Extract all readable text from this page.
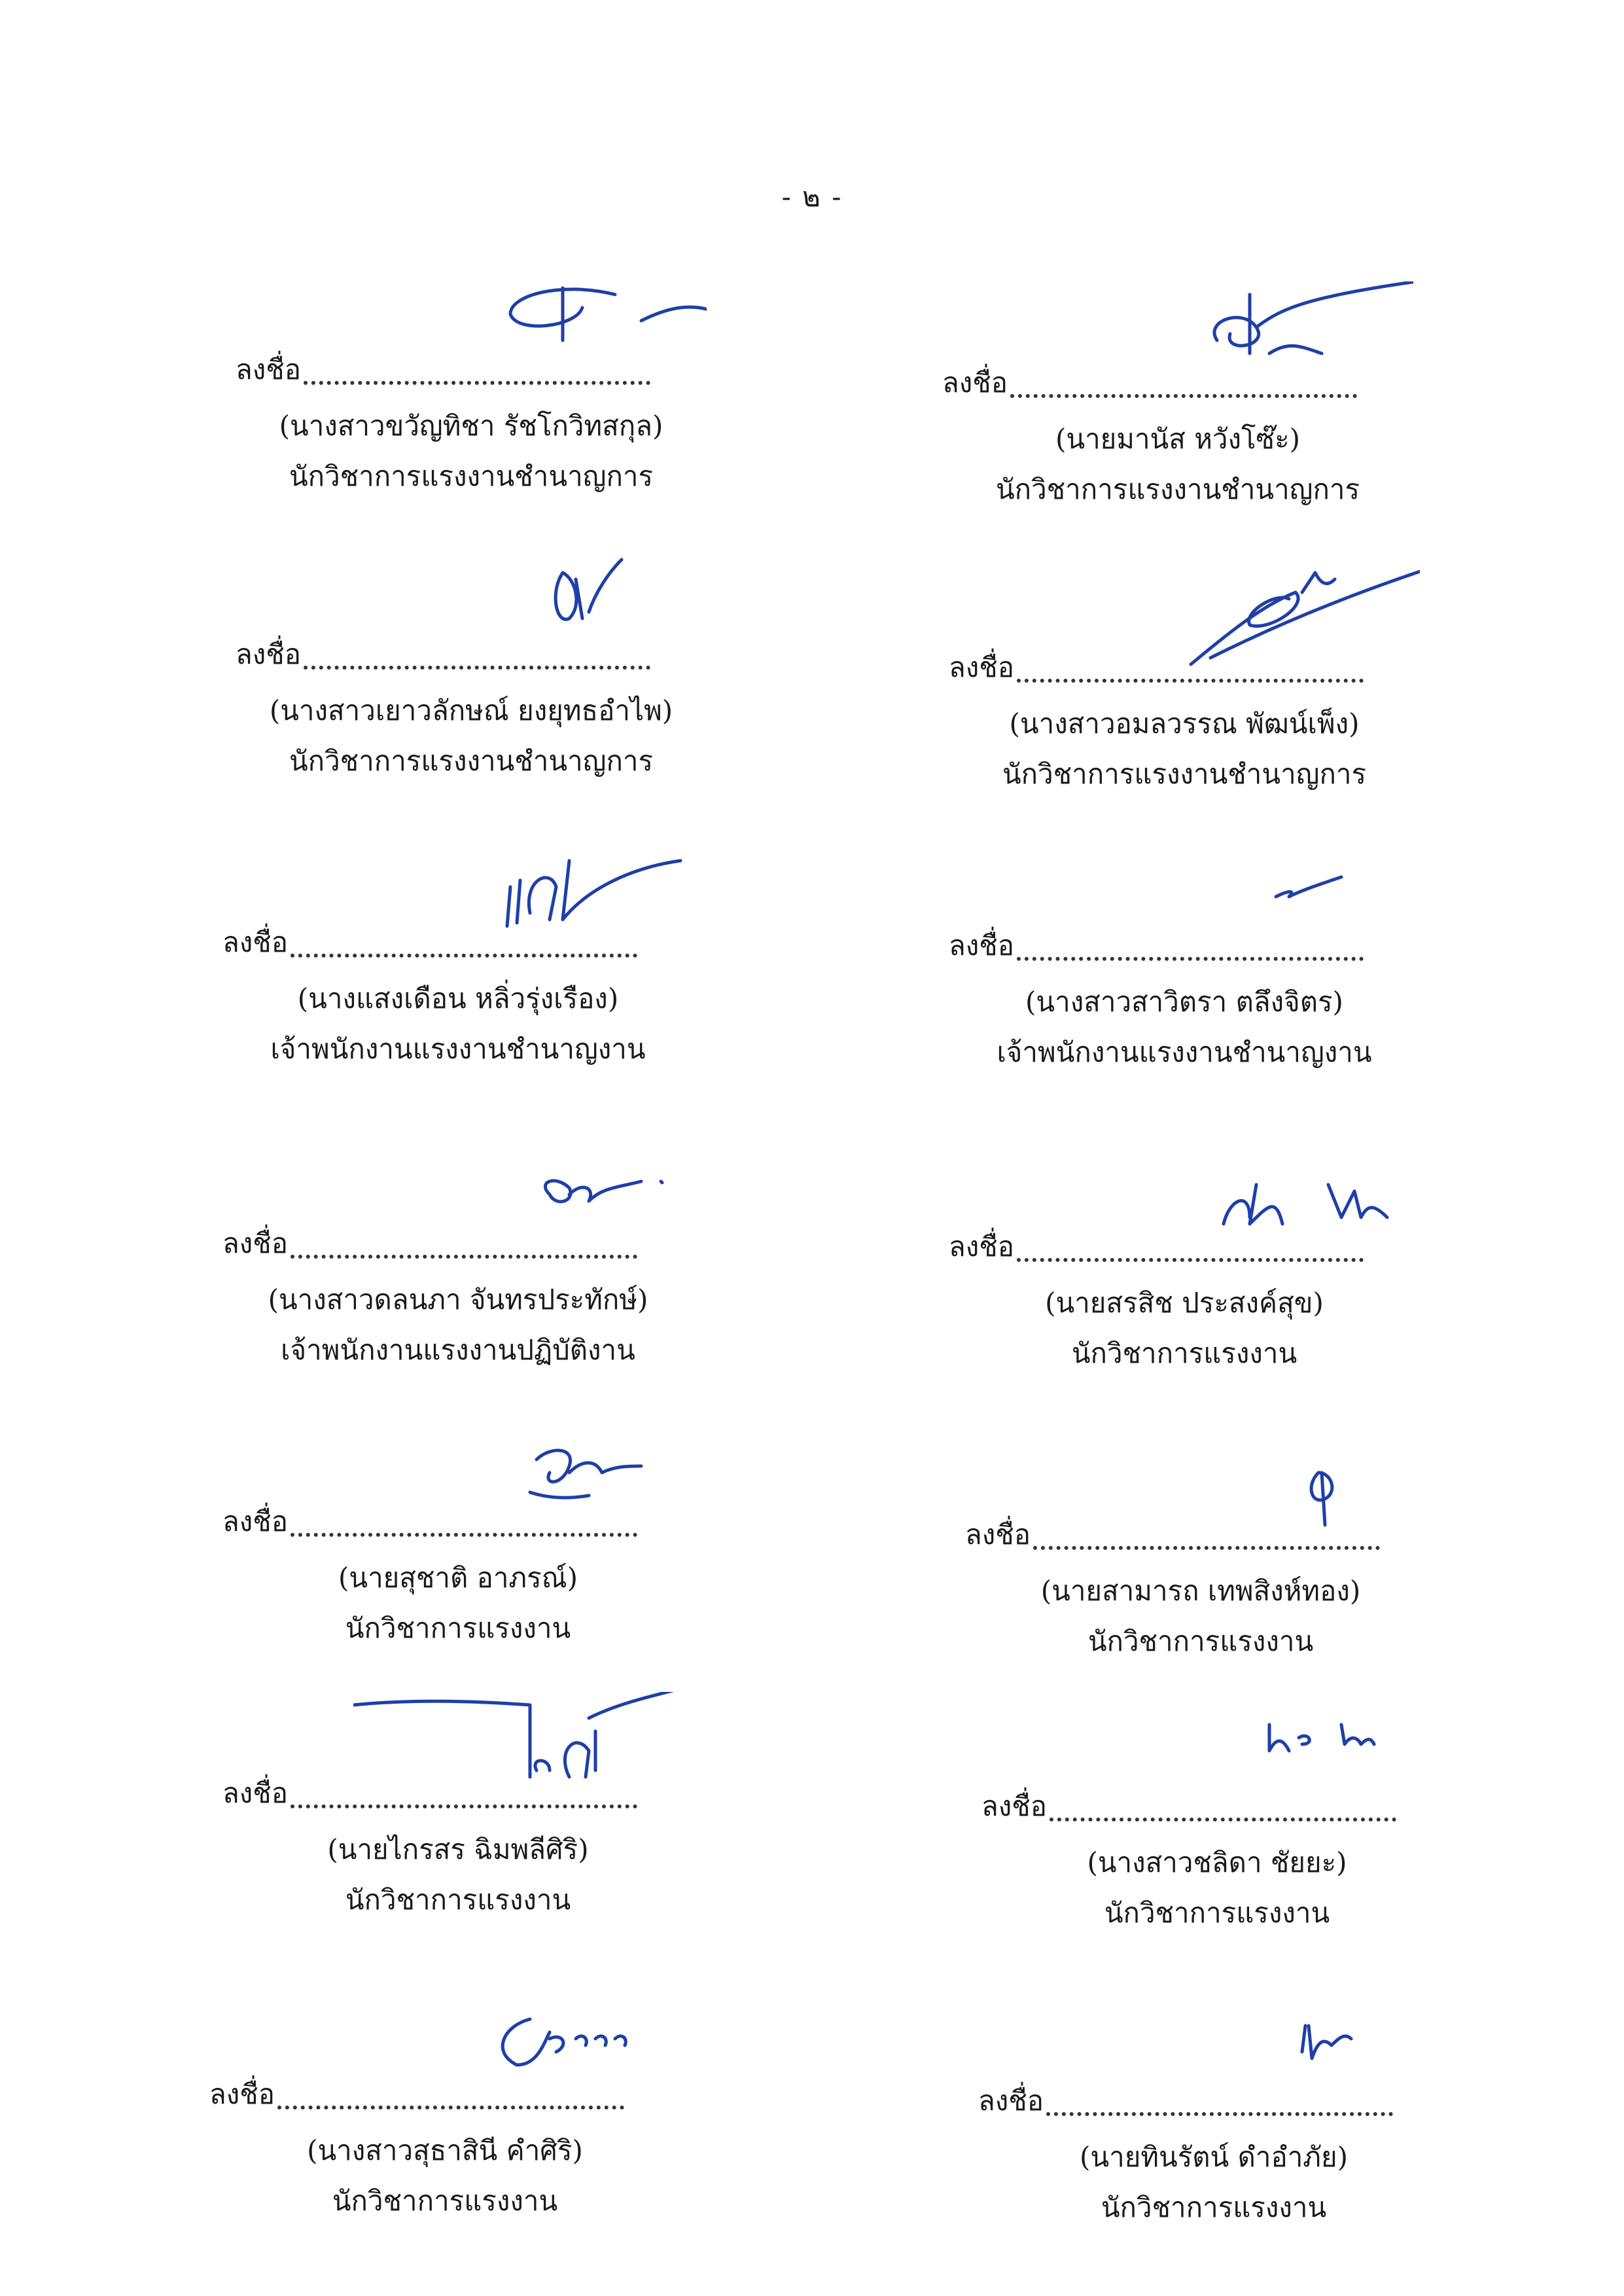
- ๒ -
ลงชื่อ
(นางสาวขวัญทิชา รัชโกวิทสกุล)
นักวิชาการแรงงานชำนาญการ
ลงชื่อ
(นายมานัส หวังโซ๊ะ)
นักวิชาการแรงงานชำนาญการ
ลงชื่อ
(นางสาวเยาวลักษณ์ ยงยุทธอำไพ)
นักวิชาการแรงงานชำนาญการ
ลงชื่อ
(นางสาวอมลวรรณ พัฒน์เพ็ง)
นักวิชาการแรงงานชำนาญการ
ลงชื่อ
(นางแสงเดือน หลิ่วรุ่งเรือง)
เจ้าพนักงานแรงงานชำนาญงาน
ลงชื่อ
(นางสาวสาวิตรา ตลึงจิตร)
เจ้าพนักงานแรงงานชำนาญงาน
ลงชื่อ
(นางสาวดลนภา จันทรประทักษ์)
เจ้าพนักงานแรงงานปฏิบัติงาน
ลงชื่อ
(นายสรสิช ประสงค์สุข)
นักวิชาการแรงงาน
ลงชื่อ
(นายสุชาติ อาภรณ์)
นักวิชาการแรงงาน
ลงชื่อ
(นายสามารถ เทพสิงห์ทอง)
นักวิชาการแรงงาน
ลงชื่อ
(นายไกรสร ฉิมพลีศิริ)
นักวิชาการแรงงาน
ลงชื่อ
(นางสาวชลิดา ชัยยะ)
นักวิชาการแรงงาน
ลงชื่อ
(นางสาวสุธาสินี คำศิริ)
นักวิชาการแรงงาน
ลงชื่อ
(นายทินรัตน์ ดำอำภัย)
นักวิชาการแรงงาน
